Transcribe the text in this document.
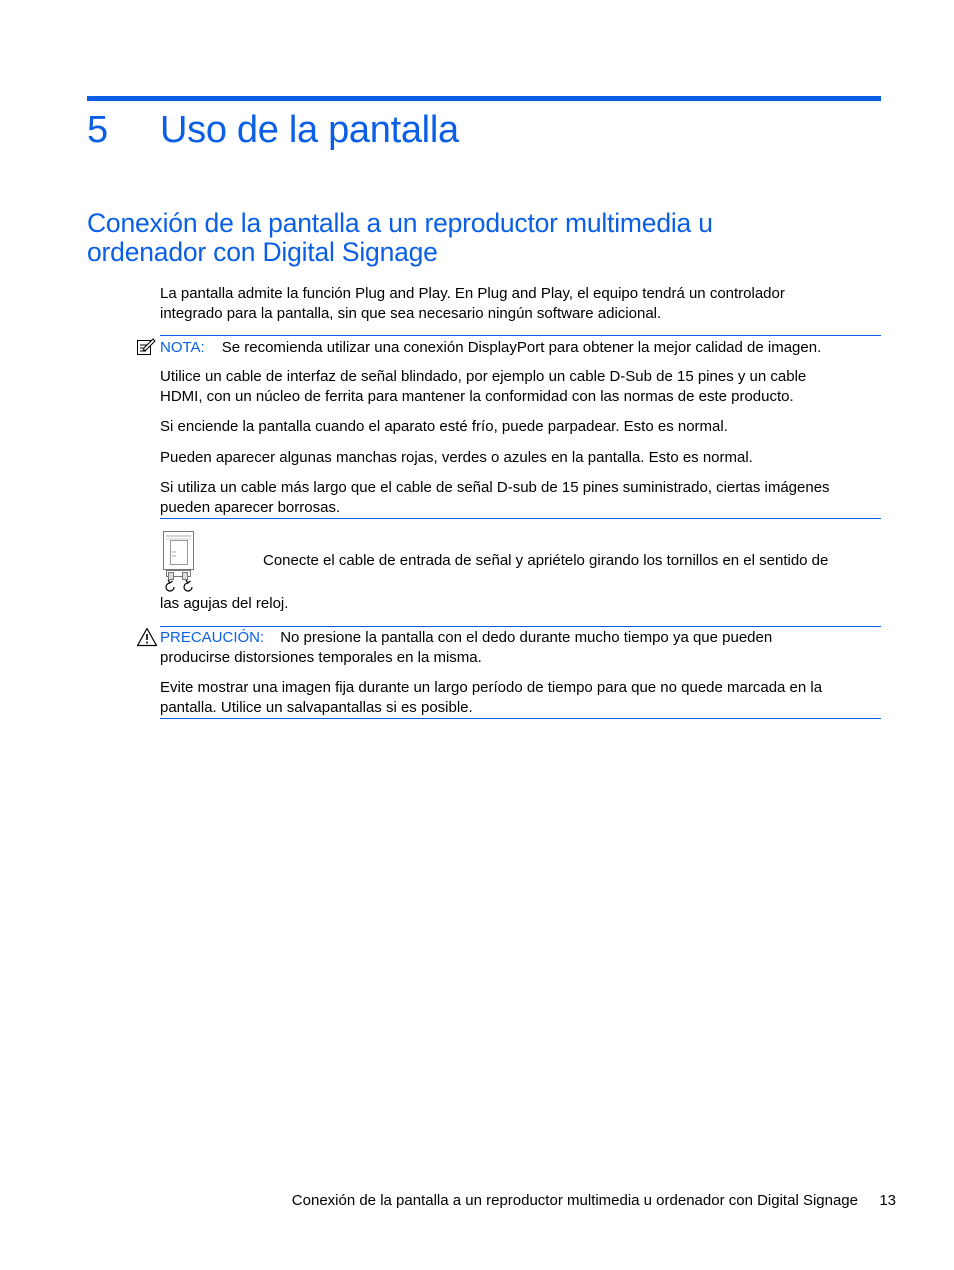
5 Uso de la pantalla
Conexión de la pantalla a un reproductor multimedia u
ordenador con Digital Signage
La pantalla admite la función Plug and Play. En Plug and Play, el equipo tendrá un controlador
integrado para la pantalla, sin que sea necesario ningún software adicional.
NOTA: Se recomienda utilizar una conexión DisplayPort para obtener la mejor calidad de imagen.
Utilice un cable de interfaz de señal blindado, por ejemplo un cable D-Sub de 15 pines y un cable
HDMI, con un núcleo de ferrita para mantener la conformidad con las normas de este producto.
Si enciende la pantalla cuando el aparato esté frío, puede parpadear. Esto es normal.
Pueden aparecer algunas manchas rojas, verdes o azules en la pantalla. Esto es normal.
Si utiliza un cable más largo que el cable de señal D-sub de 15 pines suministrado, ciertas imágenes
pueden aparecer borrosas.
Conecte el cable de entrada de señal y apriételo girando los tornillos en el sentido de
las agujas del reloj.
PRECAUCIÓN: No presione la pantalla con el dedo durante mucho tiempo ya que pueden
producirse distorsiones temporales en la misma.
Evite mostrar una imagen fija durante un largo período de tiempo para que no quede marcada en la
pantalla. Utilice un salvapantallas si es posible.
Conexión de la pantalla a un reproductor multimedia u ordenador con Digital Signage 13
